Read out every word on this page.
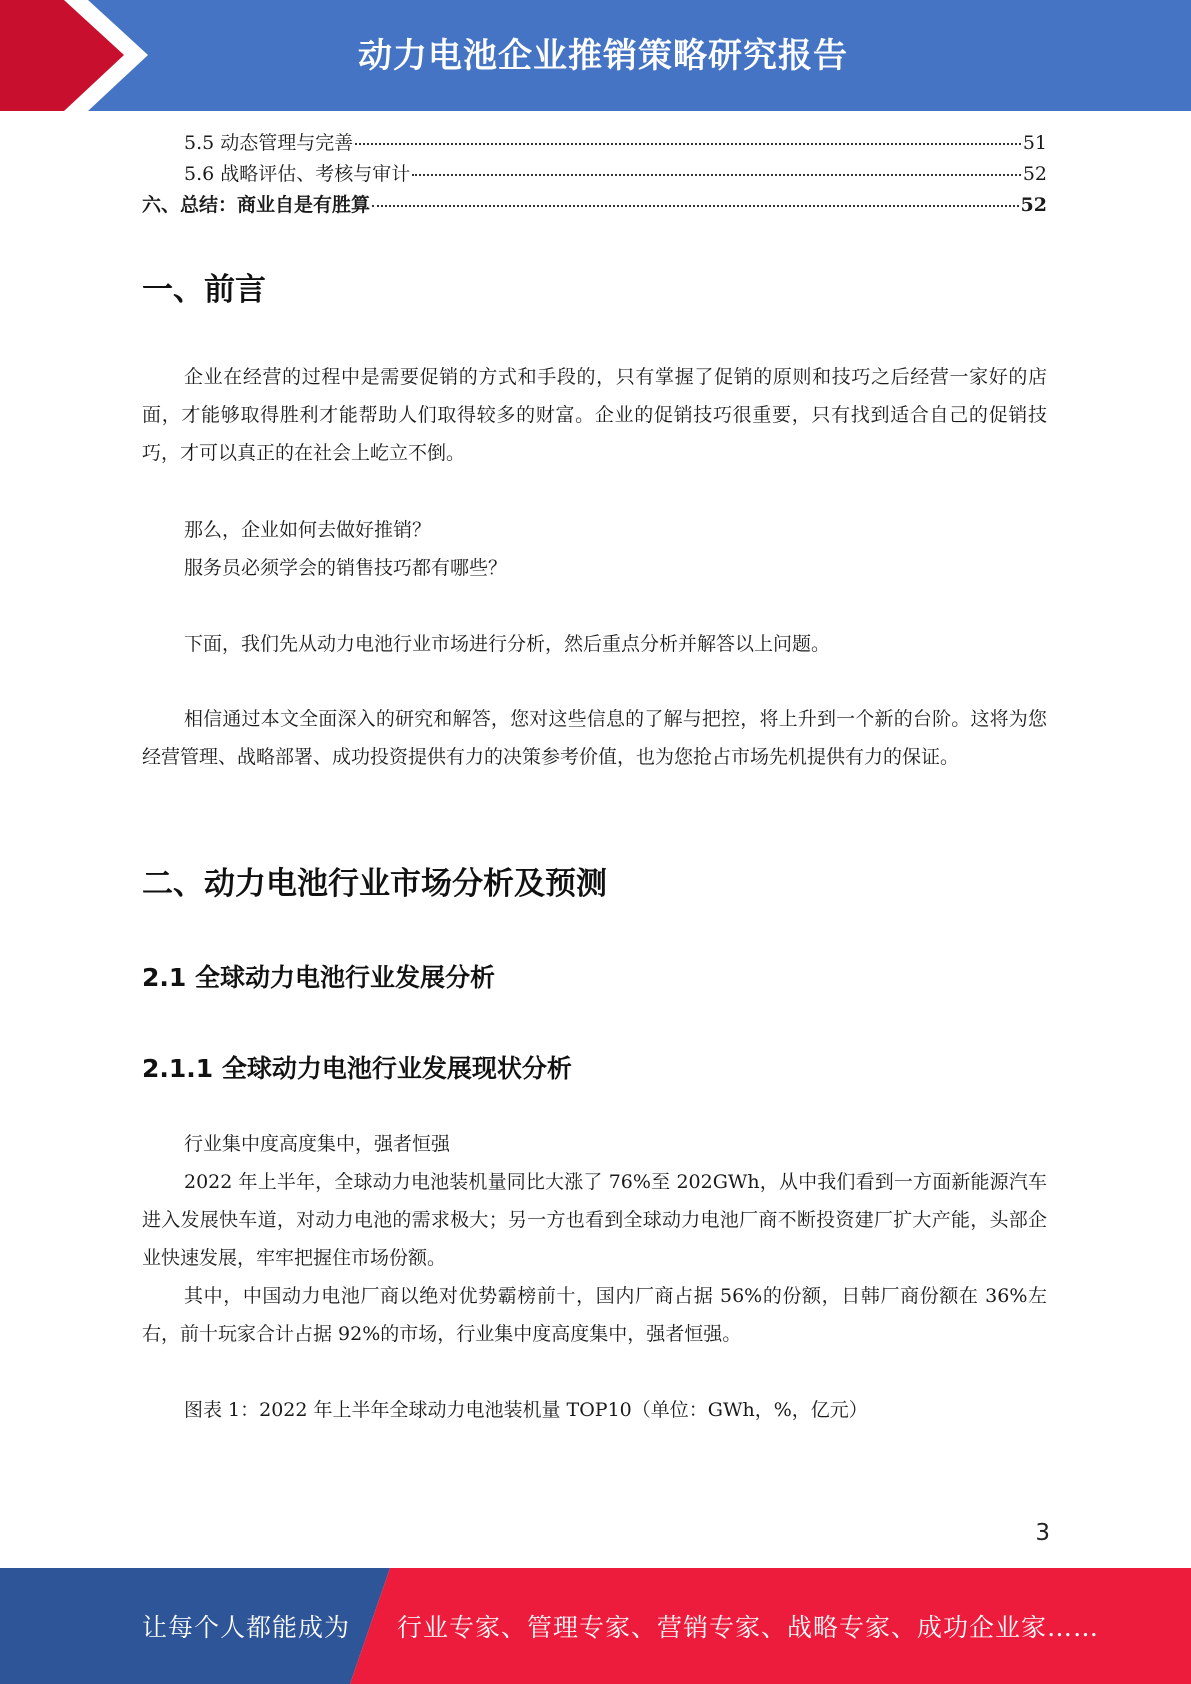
动力电池企业推销策略研究报告
5.5 动态管理与完善	51
5.6 战略评估、考核与审计	52
六、总结：商业自是有胜算	52
一、前言

企业在经营的过程中是需要促销的方式和手段的，只有掌握了促销的原则和技巧之后经营一家好的店面，才能够取得胜利才能帮助人们取得较多的财富。企业的促销技巧很重要，只有找到适合自己的促销技巧，才可以真正的在社会上屹立不倒。

那么，企业如何去做好推销？

服务员必须学会的销售技巧都有哪些？

下面，我们先从动力电池行业市场进行分析，然后重点分析并解答以上问题。

相信通过本文全面深入的研究和解答，您对这些信息的了解与把控，将上升到一个新的台阶。这将为您经营管理、战略部署、成功投资提供有力的决策参考价值，也为您抢占市场先机提供有力的保证。

二、动力电池行业市场分析及预测
2.1 全球动力电池行业发展分析
2.1.1 全球动力电池行业发展现状分析

行业集中度高度集中，强者恒强

2022 年上半年，全球动力电池装机量同比大涨了 76%至 202GWh，从中我们看到一方面新能源汽车进入发展快车道，对动力电池的需求极大；另一方也看到全球动力电池厂商不断投资建厂扩大产能，头部企业快速发展，牢牢把握住市场份额。

其中，中国动力电池厂商以绝对优势霸榜前十，国内厂商占据 56%的份额，日韩厂商份额在 36%左右，前十玩家合计占据 92%的市场，行业集中度高度集中，强者恒强。

图表 1：2022 年上半年全球动力电池装机量 TOP10（单位：GWh，%，亿元）

3
让每个人都能成为 行业专家、管理专家、营销专家、战略专家、成功企业家……
